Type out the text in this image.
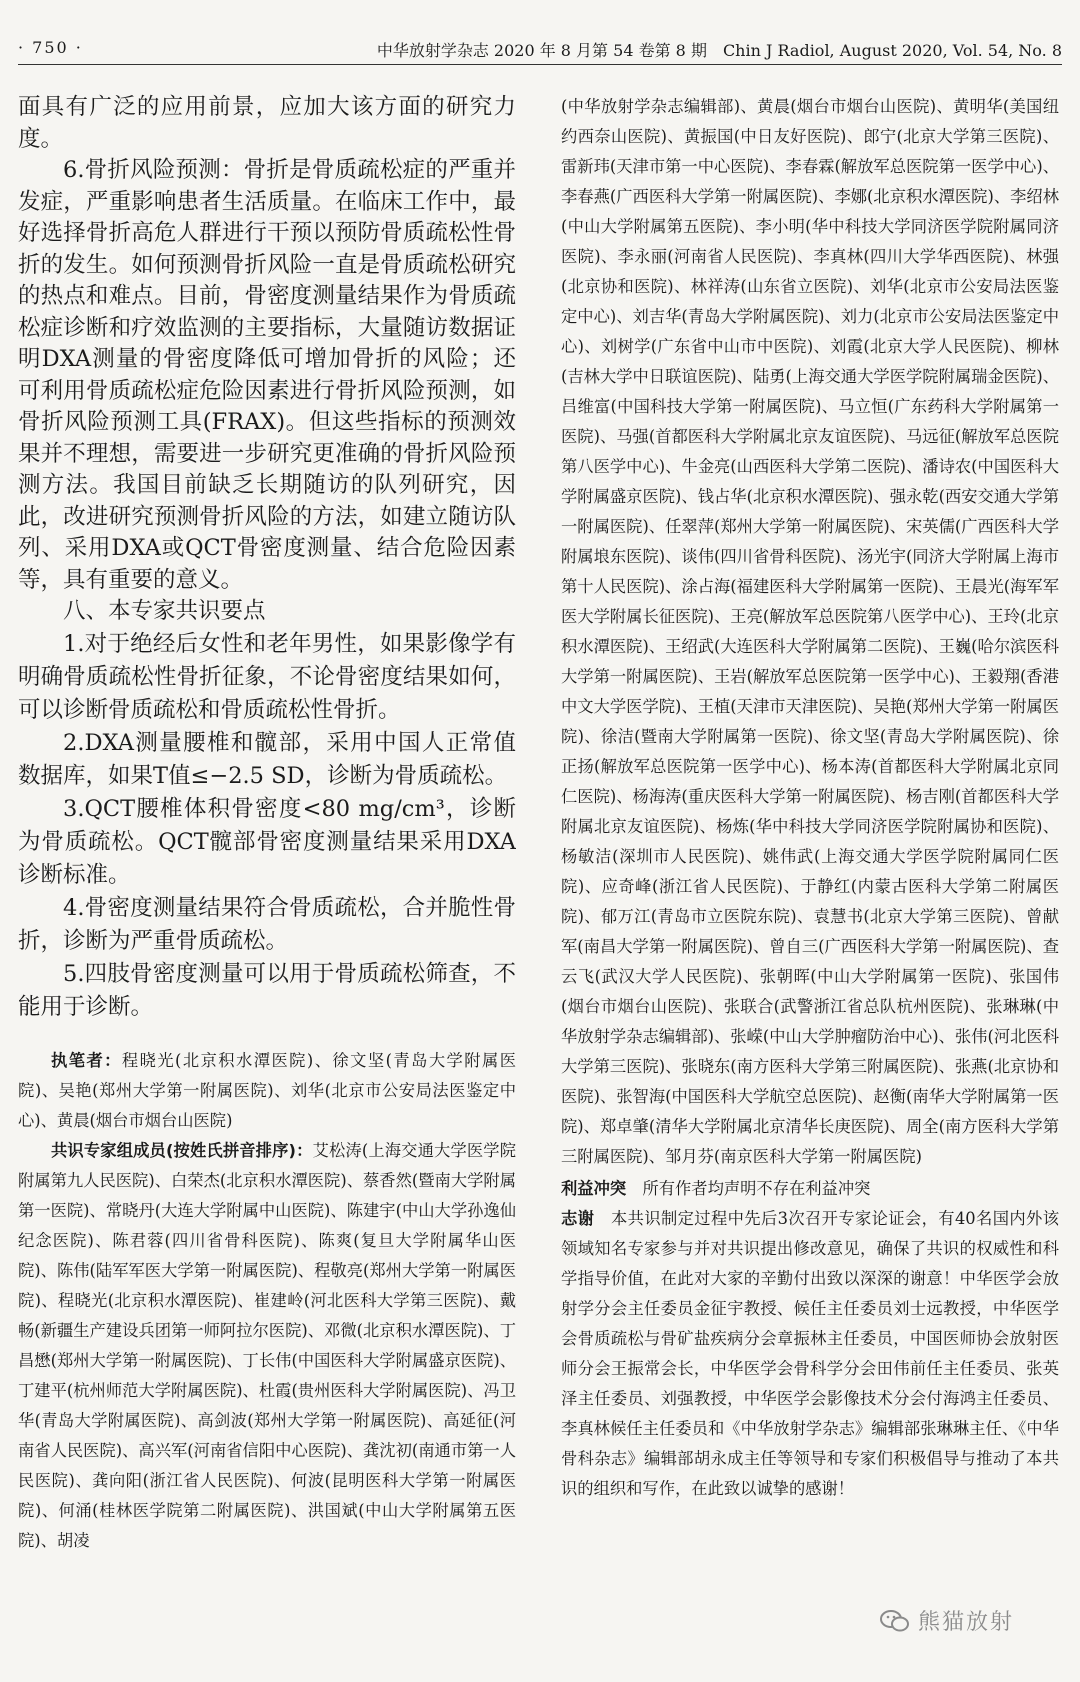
· 750 ·	中华放射学杂志 2020 年 8 月第 54 卷第 8 期　Chin J Radiol, August 2020, Vol. 54, No. 8

面具有广泛的应用前景，应加大该方面的研究力度。

6.骨折风险预测：骨折是骨质疏松症的严重并发症，严重影响患者生活质量。在临床工作中，最好选择骨折高危人群进行干预以预防骨质疏松性骨折的发生。如何预测骨折风险一直是骨质疏松研究的热点和难点。目前，骨密度测量结果作为骨质疏松症诊断和疗效监测的主要指标，大量随访数据证明DXA测量的骨密度降低可增加骨折的风险；还可利用骨质疏松症危险因素进行骨折风险预测，如骨折风险预测工具(FRAX)。但这些指标的预测效果并不理想，需要进一步研究更准确的骨折风险预测方法。我国目前缺乏长期随访的队列研究，因此，改进研究预测骨折风险的方法，如建立随访队列、采用DXA或QCT骨密度测量、结合危险因素等，具有重要的意义。

八、本专家共识要点

1.对于绝经后女性和老年男性，如果影像学有明确骨质疏松性骨折征象，不论骨密度结果如何，可以诊断骨质疏松和骨质疏松性骨折。

2.DXA测量腰椎和髋部，采用中国人正常值数据库，如果T值≤−2.5 SD，诊断为骨质疏松。

3.QCT腰椎体积骨密度<80 mg/cm³，诊断为骨质疏松。QCT髋部骨密度测量结果采用DXA诊断标准。

4.骨密度测量结果符合骨质疏松，合并脆性骨折，诊断为严重骨质疏松。

5.四肢骨密度测量可以用于骨质疏松筛查，不能用于诊断。

执笔者：程晓光(北京积水潭医院)、徐文坚(青岛大学附属医院)、吴艳(郑州大学第一附属医院)、刘华(北京市公安局法医鉴定中心)、黄晨(烟台市烟台山医院)

共识专家组成员(按姓氏拼音排序)：艾松涛(上海交通大学医学院附属第九人民医院)、白荣杰(北京积水潭医院)、蔡香然(暨南大学附属第一医院)、常晓丹(大连大学附属中山医院)、陈建宇(中山大学孙逸仙纪念医院)、陈君蓉(四川省骨科医院)、陈爽(复旦大学附属华山医院)、陈伟(陆军军医大学第一附属医院)、程敬亮(郑州大学第一附属医院)、程晓光(北京积水潭医院)、崔建岭(河北医科大学第三医院)、戴畅(新疆生产建设兵团第一师阿拉尔医院)、邓微(北京积水潭医院)、丁昌懋(郑州大学第一附属医院)、丁长伟(中国医科大学附属盛京医院)、丁建平(杭州师范大学附属医院)、杜霞(贵州医科大学附属医院)、冯卫华(青岛大学附属医院)、高剑波(郑州大学第一附属医院)、高延征(河南省人民医院)、高兴军(河南省信阳中心医院)、龚沈初(南通市第一人民医院)、龚向阳(浙江省人民医院)、何波(昆明医科大学第一附属医院)、何涌(桂林医学院第二附属医院)、洪国斌(中山大学附属第五医院)、胡凌

(中华放射学杂志编辑部)、黄晨(烟台市烟台山医院)、黄明华(美国纽约西奈山医院)、黄振国(中日友好医院)、郎宁(北京大学第三医院)、雷新玮(天津市第一中心医院)、李春霖(解放军总医院第一医学中心)、李春燕(广西医科大学第一附属医院)、李娜(北京积水潭医院)、李绍林(中山大学附属第五医院)、李小明(华中科技大学同济医学院附属同济医院)、李永丽(河南省人民医院)、李真林(四川大学华西医院)、林强(北京协和医院)、林祥涛(山东省立医院)、刘华(北京市公安局法医鉴定中心)、刘吉华(青岛大学附属医院)、刘力(北京市公安局法医鉴定中心)、刘树学(广东省中山市中医院)、刘霞(北京大学人民医院)、柳林(吉林大学中日联谊医院)、陆勇(上海交通大学医学院附属瑞金医院)、吕维富(中国科技大学第一附属医院)、马立恒(广东药科大学附属第一医院)、马强(首都医科大学附属北京友谊医院)、马远征(解放军总医院第八医学中心)、牛金亮(山西医科大学第二医院)、潘诗农(中国医科大学附属盛京医院)、钱占华(北京积水潭医院)、强永乾(西安交通大学第一附属医院)、任翠萍(郑州大学第一附属医院)、宋英儒(广西医科大学附属埌东医院)、谈伟(四川省骨科医院)、汤光宇(同济大学附属上海市第十人民医院)、涂占海(福建医科大学附属第一医院)、王晨光(海军军医大学附属长征医院)、王亮(解放军总医院第八医学中心)、王玲(北京积水潭医院)、王绍武(大连医科大学附属第二医院)、王巍(哈尔滨医科大学第一附属医院)、王岩(解放军总医院第一医学中心)、王毅翔(香港中文大学医学院)、王植(天津市天津医院)、吴艳(郑州大学第一附属医院)、徐洁(暨南大学附属第一医院)、徐文坚(青岛大学附属医院)、徐正扬(解放军总医院第一医学中心)、杨本涛(首都医科大学附属北京同仁医院)、杨海涛(重庆医科大学第一附属医院)、杨吉刚(首都医科大学附属北京友谊医院)、杨炼(华中科技大学同济医学院附属协和医院)、杨敏洁(深圳市人民医院)、姚伟武(上海交通大学医学院附属同仁医院)、应奇峰(浙江省人民医院)、于静红(内蒙古医科大学第二附属医院)、郁万江(青岛市立医院东院)、袁慧书(北京大学第三医院)、曾献军(南昌大学第一附属医院)、曾自三(广西医科大学第一附属医院)、查云飞(武汉大学人民医院)、张朝晖(中山大学附属第一医院)、张国伟(烟台市烟台山医院)、张联合(武警浙江省总队杭州医院)、张琳琳(中华放射学杂志编辑部)、张嵘(中山大学肿瘤防治中心)、张伟(河北医科大学第三医院)、张晓东(南方医科大学第三附属医院)、张燕(北京协和医院)、张智海(中国医科大学航空总医院)、赵衡(南华大学附属第一医院)、郑卓肇(清华大学附属北京清华长庚医院)、周全(南方医科大学第三附属医院)、邹月芬(南京医科大学第一附属医院)

利益冲突　 所有作者均声明不存在利益冲突

志谢　 本共识制定过程中先后3次召开专家论证会，有40名国内外该领域知名专家参与并对共识提出修改意见，确保了共识的权威性和科学指导价值，在此对大家的辛勤付出致以深深的谢意！中华医学会放射学分会主任委员金征宇教授、候任主任委员刘士远教授，中华医学会骨质疏松与骨矿盐疾病分会章振林主任委员，中国医师协会放射医师分会王振常会长，中华医学会骨科学分会田伟前任主任委员、张英泽主任委员、刘强教授，中华医学会影像技术分会付海鸿主任委员、李真林候任主任委员和《中华放射学杂志》编辑部张琳琳主任、《中华骨科杂志》编辑部胡永成主任等领导和专家们积极倡导与推动了本共识的组织和写作，在此致以诚挚的感谢！

熊猫放射
